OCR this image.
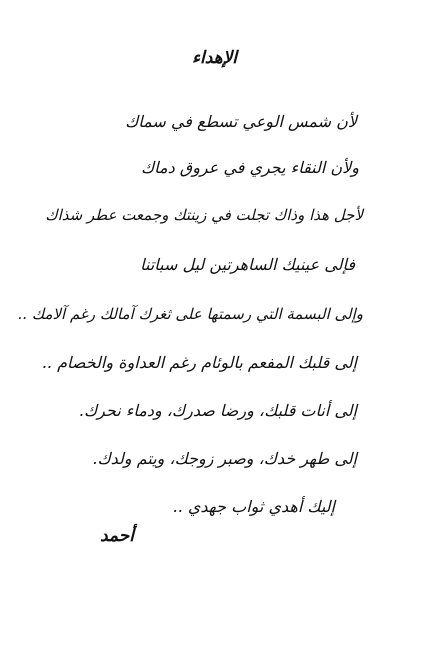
الإهداء
لأن شمس الوعي تسطع في سماك
ولأن النقاء يجري في عروق دماك
لأجل هذا وذاك تجلت في زينتك وجمعت عطر شذاك
فإلى عينيك الساهرتين ليل سباتنا
وإلى البسمة التي رسمتها على ثغرك آمالك رغم آلامك ..
إلى قلبك المفعم بالوئام رغم العداوة والخصام ..
إلى أنات قلبك، ورضا صدرك، ودماء نحرك.
إلى طهر خدك، وصبر زوجك، ويتم ولدك.
إليك أهدي ثواب جهدي ..
أحمد
